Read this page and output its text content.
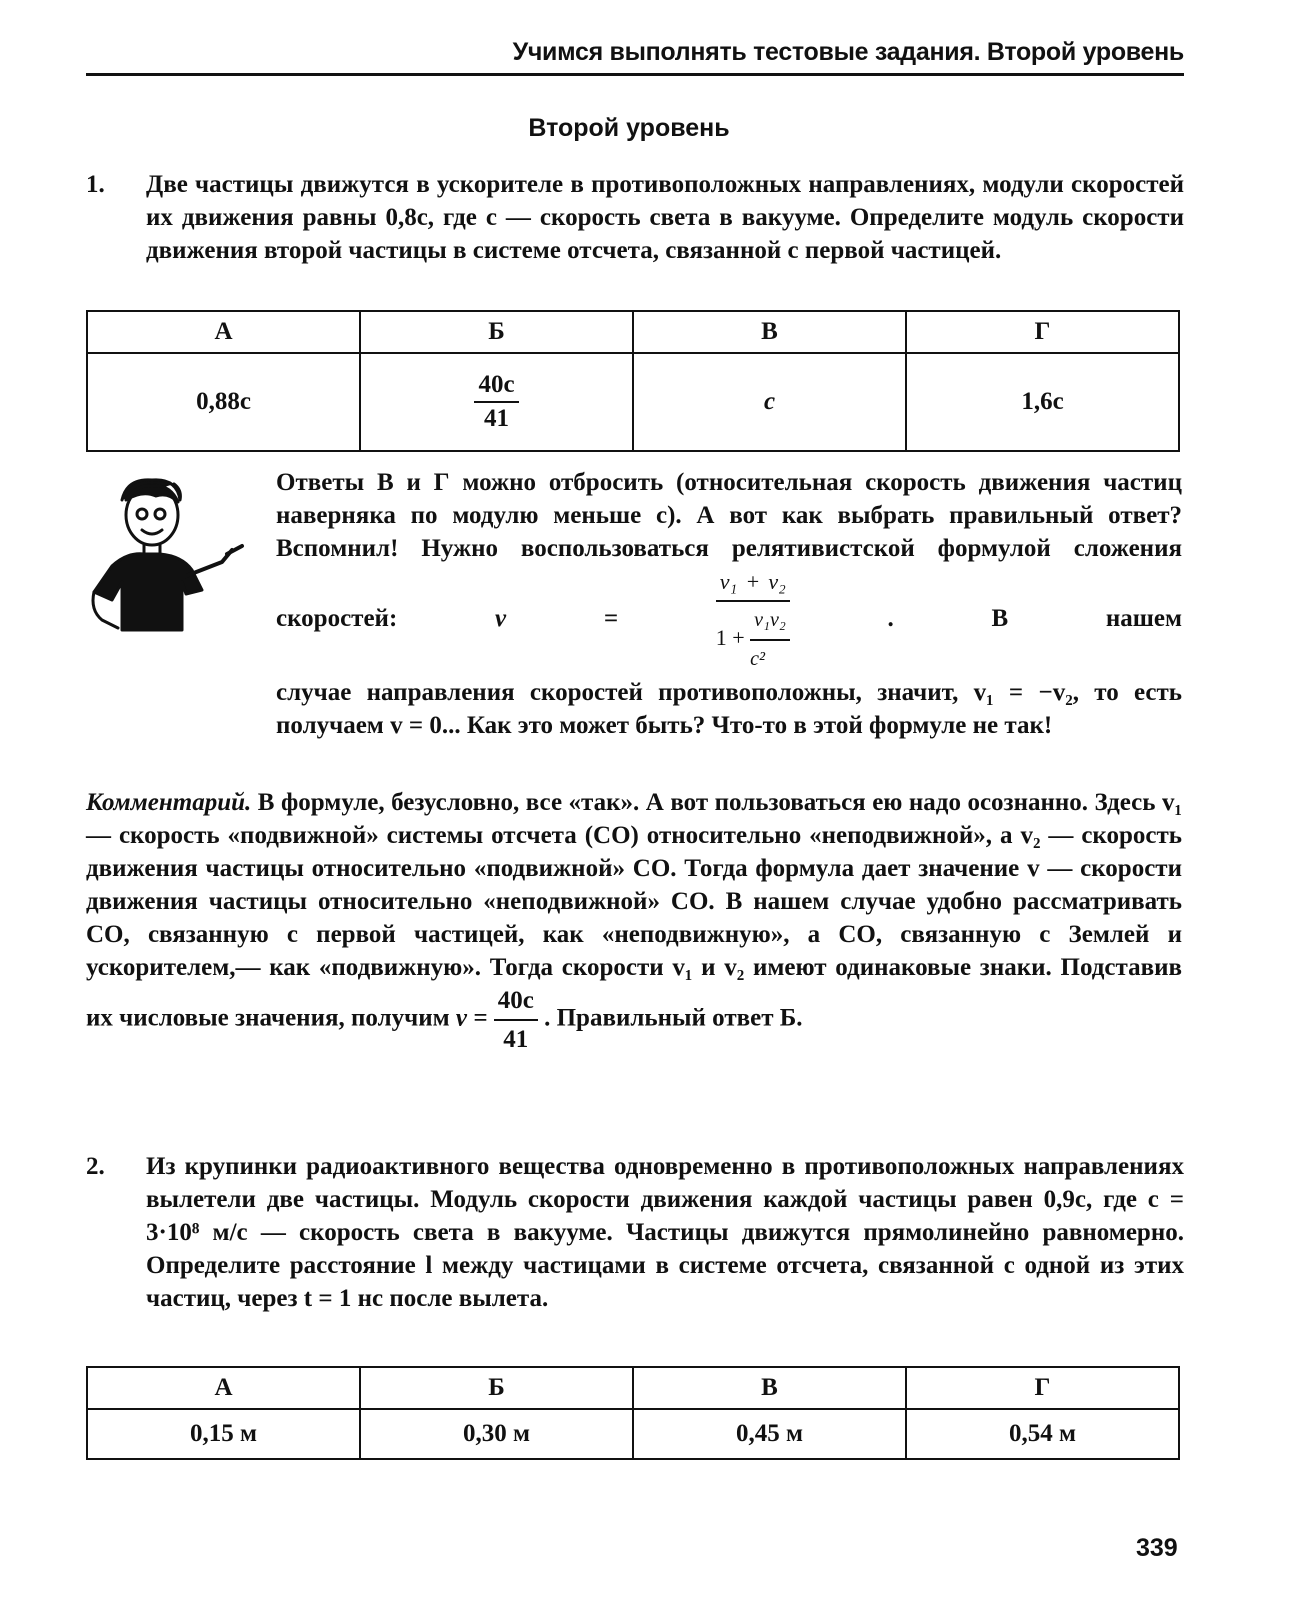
Учимся выполнять тестовые задания. Второй уровень
Второй уровень
1.	Две частицы движутся в ускорителе в противоположных направлениях, модули скоростей их движения равны 0,8c, где c — скорость света в вакууме. Определите модуль скорости движения второй частицы в системе отсчета, связанной с первой частицей.
А	Б	В	Г
0,88c	$\frac{40c}{41}$	c	1,6c

Ответы В и Г можно отбросить (относительная скорость движения частиц наверняка по модулю меньше c). А вот как выбрать правильный ответ? Вспомнил! Нужно воспользоваться релятивистской формулой сложения скоростей:	v =	$\frac{\text{v₁ + v₂}}{1 + \frac{\text{v₁v₂}}{\text{c²}}}$	. В нашем

случае направления скоростей противоположны, значит, v₁ = −v₂, то есть получаем v = 0... Как это может быть? Что-то в этой формуле не так!

Комментарий. В формуле, безусловно, все «так». А вот пользоваться ею надо осознанно. Здесь v₁ — скорость «подвижной» системы отсчета (СО) относительно «неподвижной», а v₂ — скорость движения частицы относительно «подвижной» СО. Тогда формула дает значение v — скорости движения частицы относительно «неподвижной» СО. В нашем случае удобно рассматривать СО, связанную с первой частицей, как «неподвижную», а СО, связанную с Землей и ускорителем,— как «подвижную». Тогда скорости v₁ и v₂ имеют одинаковые знаки. Подставив их числовые значения, получим $v = \frac{40c}{41}$ . Правильный ответ Б.
2.	Из крупинки радиоактивного вещества одновременно в противоположных направлениях вылетели две частицы. Модуль скорости движения каждой частицы равен 0,9c, где c = 3·10⁸ м/с — скорость света в вакууме. Частицы движутся прямолинейно равномерно. Определите расстояние l между частицами в системе отсчета, связанной с одной из этих частиц, через t = 1 нс после вылета.
А	Б	В	Г
0,15 м	0,30 м	0,45 м	0,54 м
339
